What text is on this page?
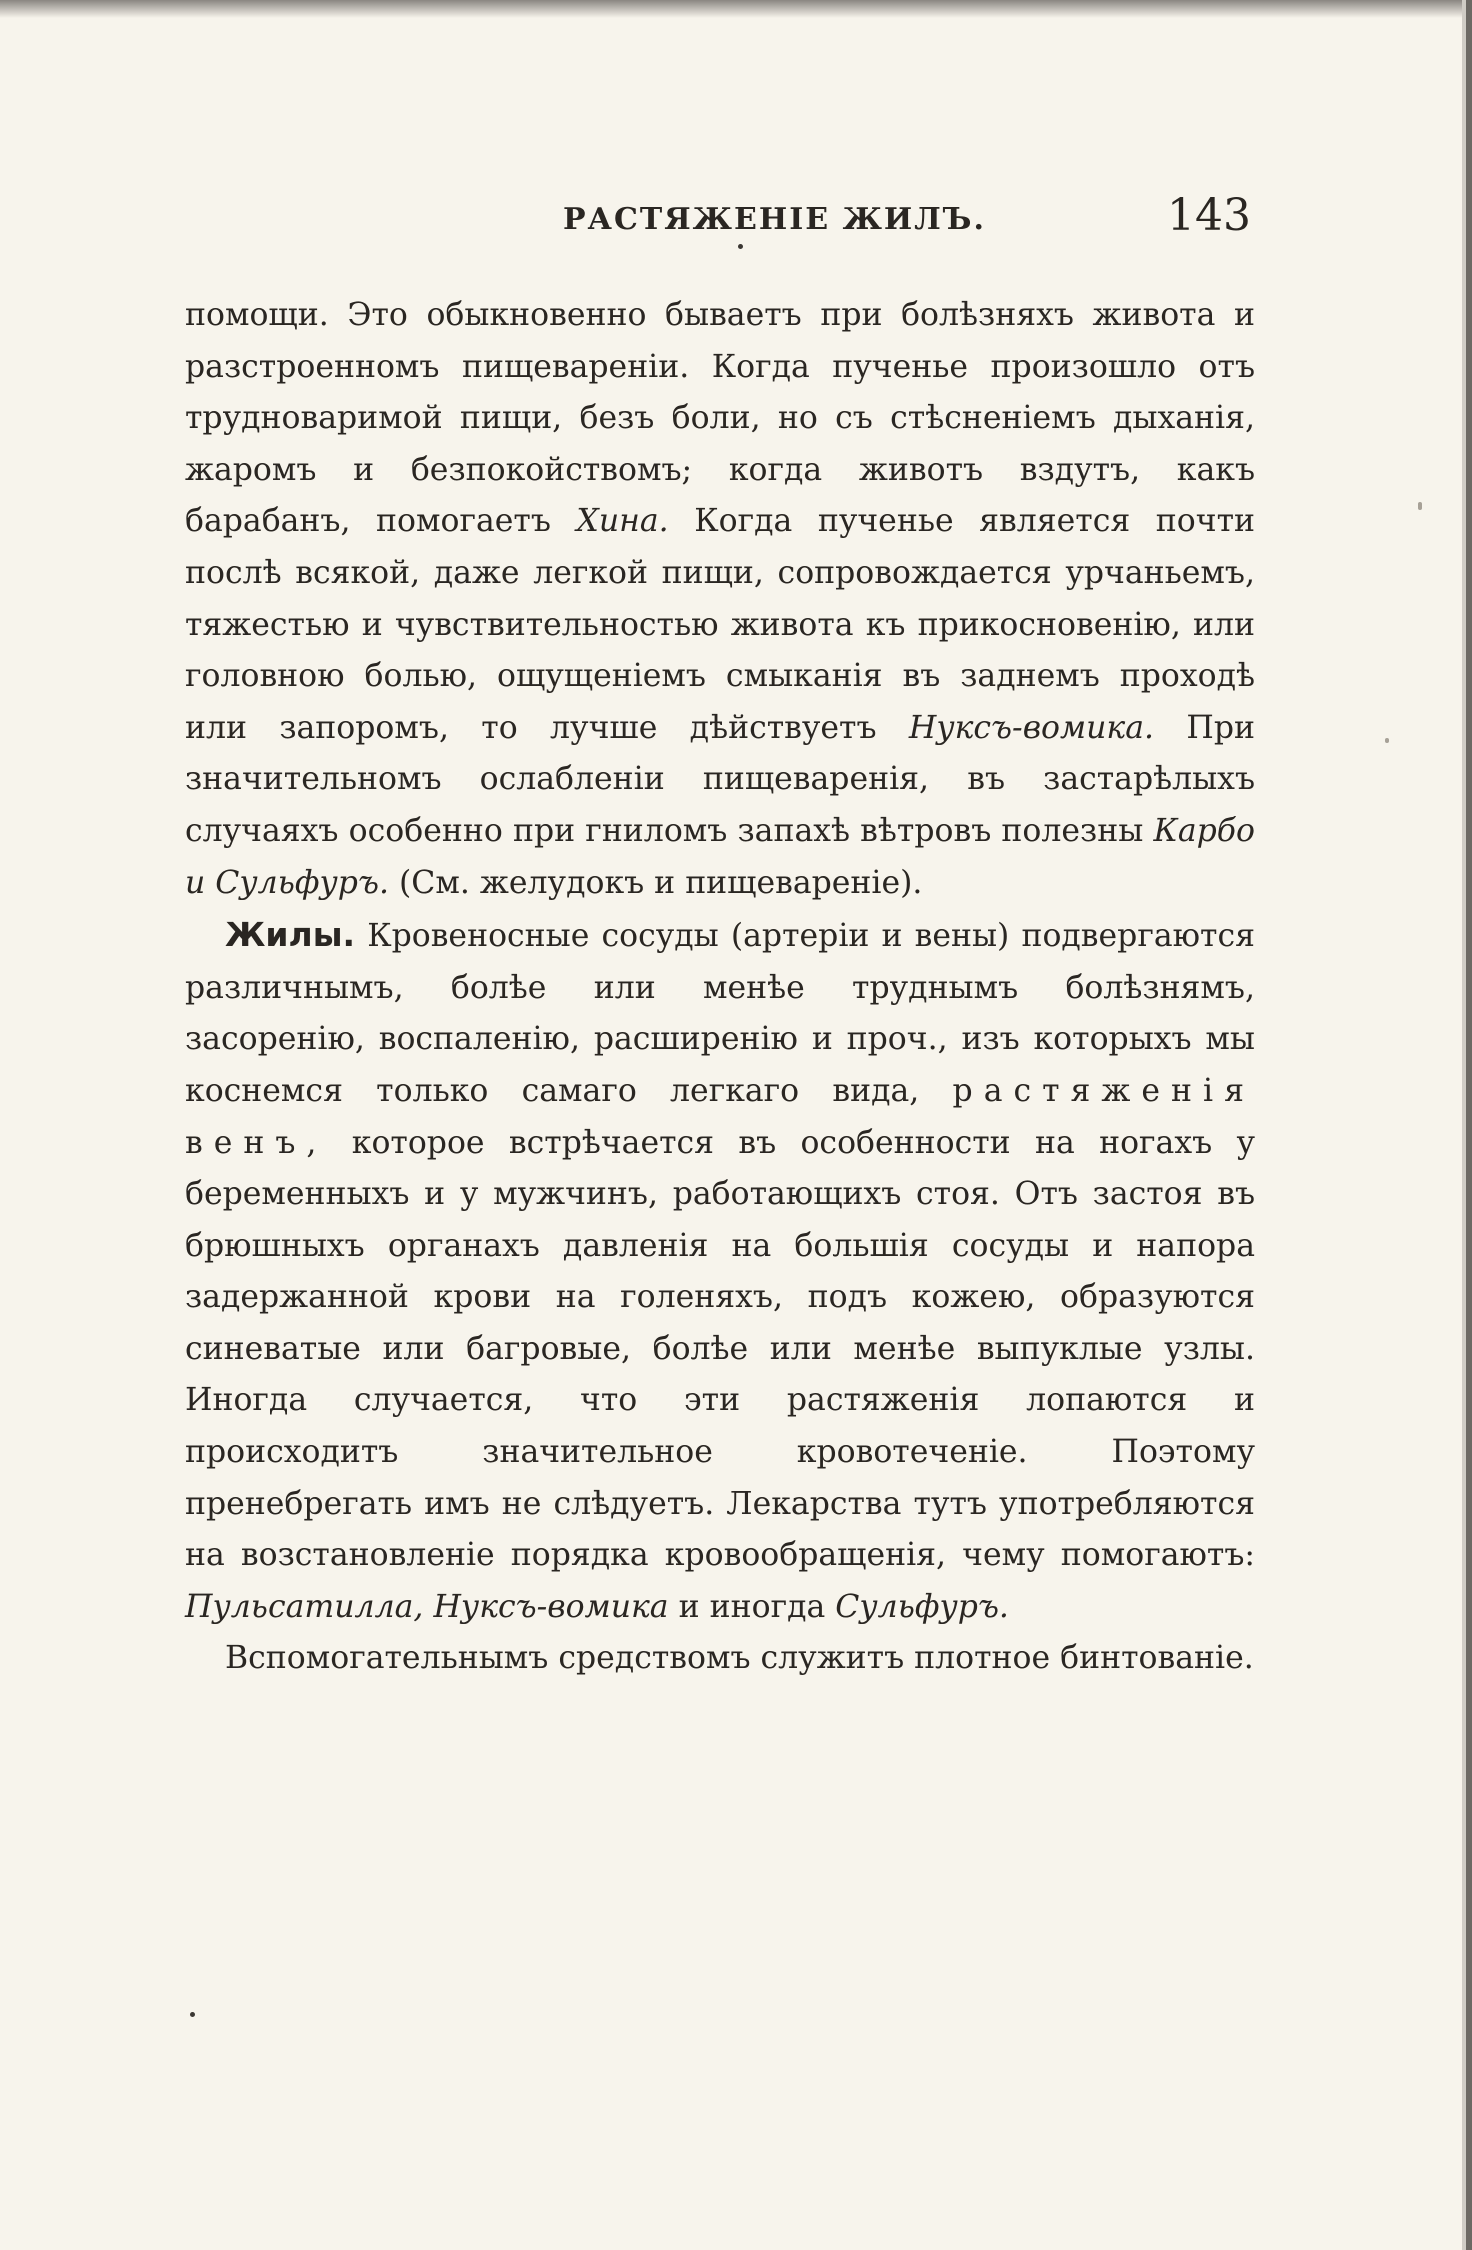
РАСТЯЖЕНІЕ ЖИЛЪ.	143

помощи. Это обыкновенно бываетъ при болѣзняхъ живота и разстроенномъ пищевареніи. Когда пученье произошло отъ трудноваримой пищи, безъ боли, но съ стѣсненіемъ дыханія, жаромъ и безпокойствомъ; когда животъ вздутъ, какъ барабанъ, помогаетъ Хина. Когда пученье является почти послѣ всякой, даже легкой пищи, сопровождается урчаньемъ, тяжестью и чувствительностью живота къ прикосновенію, или головною болью, ощущеніемъ смыканія въ заднемъ проходѣ или запоромъ, то лучше дѣйствуетъ Нуксъ-вомика. При значительномъ ослабленіи пищеваренія, въ застарѣлыхъ случаяхъ особенно при гниломъ запахѣ вѣтровъ полезны Карбо и Сульфуръ. (См. желудокъ и пищевареніе).

Жилы. Кровеносные сосуды (артеріи и вены) подвергаются различнымъ, болѣе или менѣе труднымъ болѣзнямъ, засоренію, воспаленію, расширенію и проч., изъ которыхъ мы коснемся только самаго легкаго вида, растяженія венъ, которое встрѣчается въ особенности на ногахъ у беременныхъ и у мужчинъ, работающихъ стоя. Отъ застоя въ брюшныхъ органахъ давленія на большія сосуды и напора задержанной крови на голеняхъ, подъ кожею, образуются синеватые или багровые, болѣе или менѣе выпуклые узлы. Иногда случается, что эти растяженія лопаются и происходитъ значительное кровотеченіе. Поэтому пренебрегать имъ не слѣдуетъ. Лекарства тутъ употребляются на возстановленіе порядка кровообращенія, чему помогаютъ: Пульсатилла, Нуксъ-вомика и иногда Сульфуръ.

Вспомогательнымъ средствомъ служитъ плотное бинтованіе.
